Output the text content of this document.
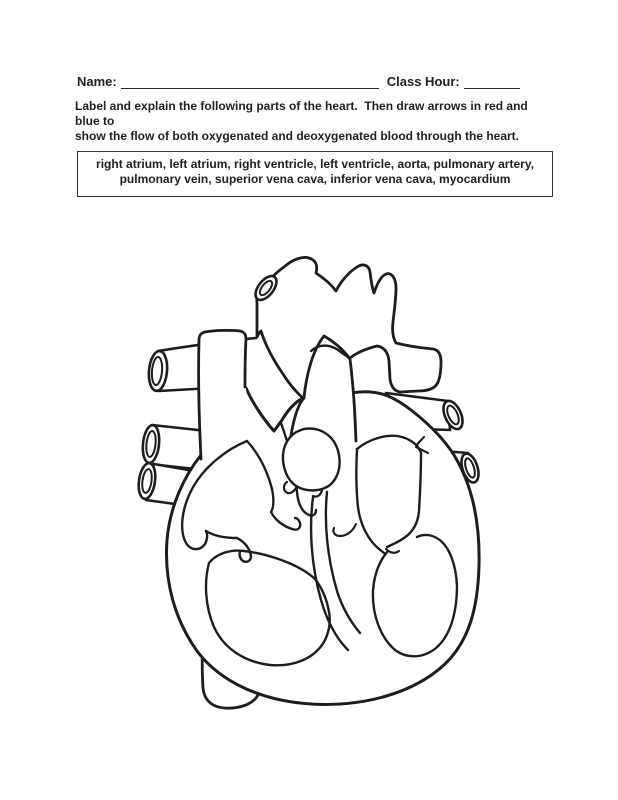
Name:	Class Hour:
Label and explain the following parts of the heart.  Then draw arrows in red and blue to
show the flow of both oxygenated and deoxygenated blood through the heart.
right atrium, left atrium, right ventricle, left ventricle, aorta, pulmonary artery,
pulmonary vein, superior vena cava, inferior vena cava, myocardium
